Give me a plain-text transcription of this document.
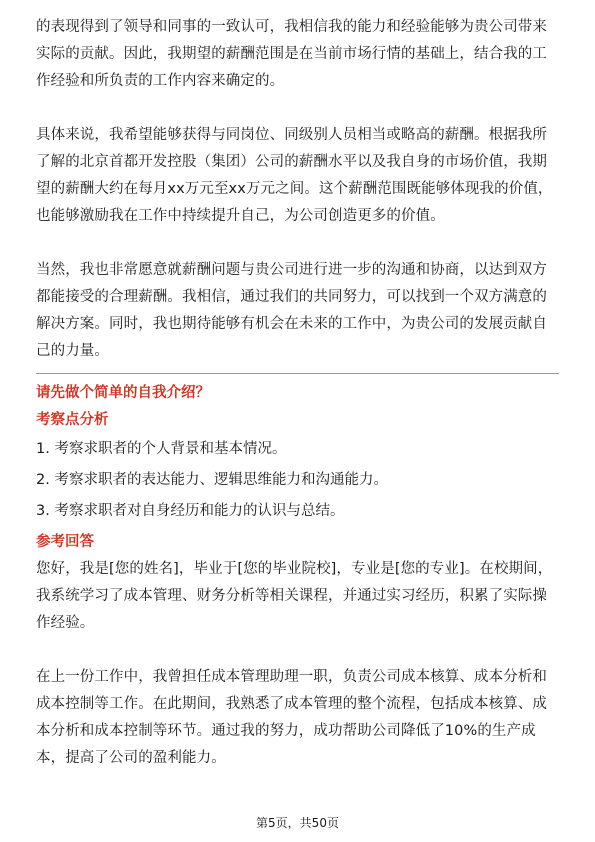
的表现得到了领导和同事的一致认可，我相信我的能力和经验能够为贵公司带来实际的贡献。因此，我期望的薪酬范围是在当前市场行情的基础上，结合我的工作经验和所负责的工作内容来确定的。

具体来说，我希望能够获得与同岗位、同级别人员相当或略高的薪酬。根据我所了解的北京首都开发控股（集团）公司的薪酬水平以及我自身的市场价值，我期望的薪酬大约在每月xx万元至xx万元之间。这个薪酬范围既能够体现我的价值，也能够激励我在工作中持续提升自己，为公司创造更多的价值。

当然，我也非常愿意就薪酬问题与贵公司进行进一步的沟通和协商，以达到双方都能接受的合理薪酬。我相信，通过我们的共同努力，可以找到一个双方满意的解决方案。同时，我也期待能够有机会在未来的工作中，为贵公司的发展贡献自己的力量。

请先做个简单的自我介绍？

考察点分析

1. 考察求职者的个人背景和基本情况。
2. 考察求职者的表达能力、逻辑思维能力和沟通能力。
3. 考察求职者对自身经历和能力的认识与总结。

参考回答

您好，我是[您的姓名]，毕业于[您的毕业院校]，专业是[您的专业]。在校期间，我系统学习了成本管理、财务分析等相关课程，并通过实习经历，积累了实际操作经验。

在上一份工作中，我曾担任成本管理助理一职，负责公司成本核算、成本分析和成本控制等工作。在此期间，我熟悉了成本管理的整个流程，包括成本核算、成本分析和成本控制等环节。通过我的努力，成功帮助公司降低了10%的生产成本，提高了公司的盈利能力。

第5页，共50页
